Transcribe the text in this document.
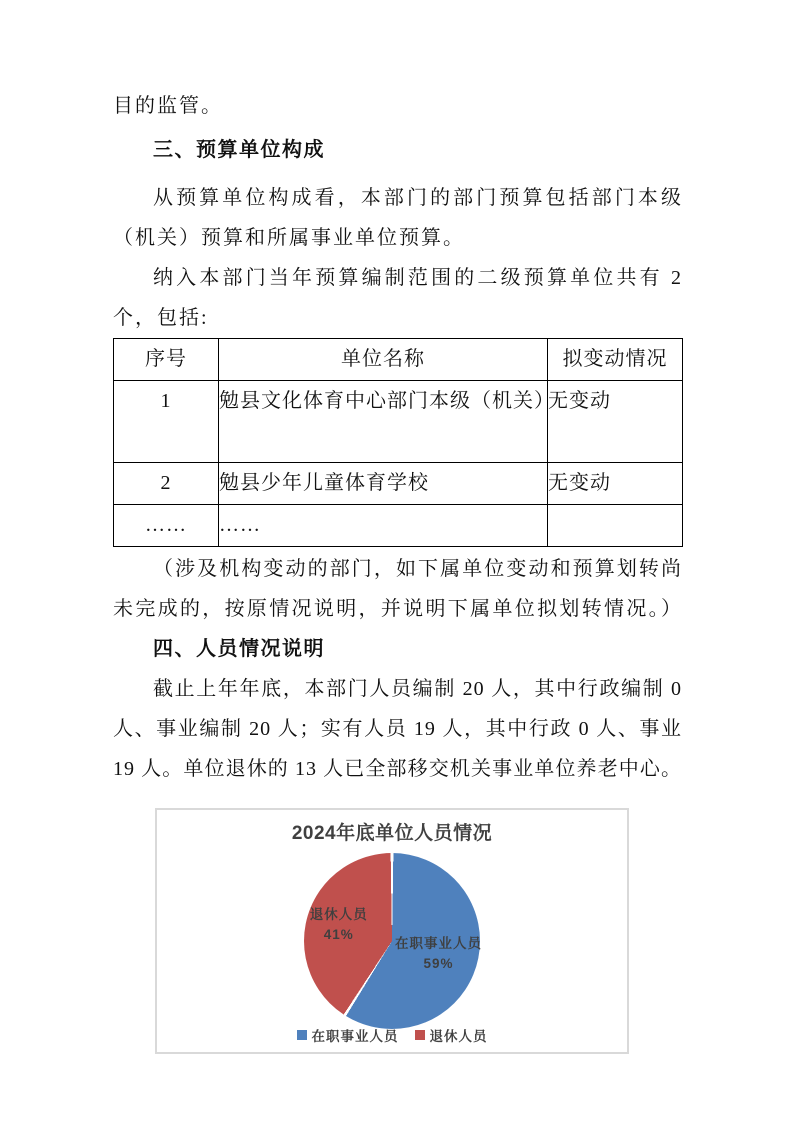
目的监管。
三、预算单位构成
从预算单位构成看，本部门的部门预算包括部门本级
（机关）预算和所属事业单位预算。
纳入本部门当年预算编制范围的二级预算单位共有 2
个，包括:
序号	单位名称	拟变动情况
1	勉县文化体育中心部门本级（机关）	无变动
2	勉县少年儿童体育学校	无变动
……	……	
（涉及机构变动的部门，如下属单位变动和预算划转尚
未完成的，按原情况说明，并说明下属单位拟划转情况。）
四、人员情况说明
截止上年年底，本部门人员编制 20 人，其中行政编制 0
人、事业编制 20 人；实有人员 19 人，其中行政 0 人、事业
19 人。单位退休的 13 人已全部移交机关事业单位养老中心。
2024年底单位人员情况
在职事业人员
59%
退休人员
41%
在职事业人员 退休人员
